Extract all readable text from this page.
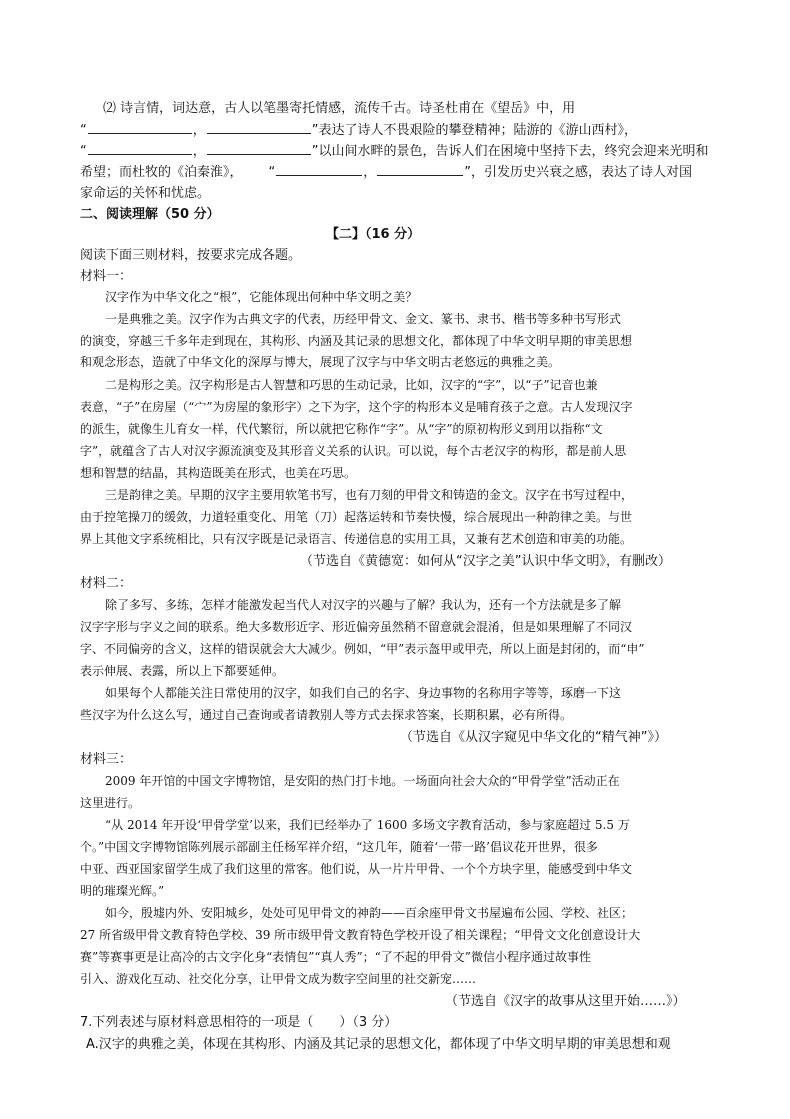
⑵ 诗言情，词达意，古人以笔墨寄托情感，流传千古。诗圣杜甫在《望岳》中，用
“	，	”表达了诗人不畏艰险的攀登精神；陆游的《游山西村》，
“	，	”以山间水畔的景色，告诉人们在困境中坚持下去，终究会迎来光明和
希望；而杜牧的《泊秦淮》， “	，	”，引发历史兴衰之感，表达了诗人对国
家命运的关怀和忧虑。
二、阅读理解（50 分）
【二】（16 分）
阅读下面三则材料，按要求完成各题。
材料一：
汉字作为中华文化之“根”，它能体现出何种中华文明之美？
一是典雅之美。汉字作为古典文字的代表，历经甲骨文、金文、篆书、隶书、楷书等多种书写形式
的演变，穿越三千多年走到现在，其构形、内涵及其记录的思想文化，都体现了中华文明早期的审美思想
和观念形态，造就了中华文化的深厚与博大，展现了汉字与中华文明古老悠远的典雅之美。
二是构形之美。汉字构形是古人智慧和巧思的生动记录，比如，汉字的“字”，以“子”记音也兼
表意，“子”在房屋（“宀”为房屋的象形字）之下为字，这个字的构形本义是哺育孩子之意。古人发现汉字
的派生，就像生儿育女一样，代代繁衍，所以就把它称作“字”。从“字”的原初构形义到用以指称“文
字”，就蕴含了古人对汉字源流演变及其形音义关系的认识。可以说，每个古老汉字的构形，都是前人思
想和智慧的结晶，其构造既美在形式，也美在巧思。
三是韵律之美。早期的汉字主要用软笔书写，也有刀刻的甲骨文和铸造的金文。汉字在书写过程中，
由于控笔操刀的缓敛，力道轻重变化、用笔（刀）起落运转和节奏快慢，综合展现出一种韵律之美。与世
界上其他文字系统相比，只有汉字既是记录语言、传递信息的实用工具，又兼有艺术创造和审美的功能。
（节选自《黄德宽：如何从“汉字之美”认识中华文明》，有删改）
材料二：
除了多写、多练，怎样才能激发起当代人对汉字的兴趣与了解？我认为，还有一个方法就是多了解
汉字字形与字义之间的联系。绝大多数形近字、形近偏旁虽然稍不留意就会混淆，但是如果理解了不同汉
字、不同偏旁的含义，这样的错误就会大大减少。例如，“甲”表示盔甲或甲壳，所以上面是封闭的，而“申”
表示伸展、表露，所以上下都要延伸。
如果每个人都能关注日常使用的汉字，如我们自己的名字、身边事物的名称用字等等，琢磨一下这
些汉字为什么这么写，通过自己查询或者请教别人等方式去探求答案，长期积累，必有所得。
（节选自《从汉字窥见中华文化的“精气神”》）
材料三：
2009 年开馆的中国文字博物馆，是安阳的热门打卡地。一场面向社会大众的“甲骨学堂”活动正在
这里进行。
“从 2014 年开设‘甲骨学堂’以来，我们已经举办了 1600 多场文字教育活动，参与家庭超过 5.5 万
个。”中国文字博物馆陈列展示部副主任杨军祥介绍，“这几年，随着‘一带一路’倡议花开世界，很多
中亚、西亚国家留学生成了我们这里的常客。他们说，从一片片甲骨、一个个方块字里，能感受到中华文
明的璀璨光辉。”
如今，殷墟内外、安阳城乡，处处可见甲骨文的神韵——百余座甲骨文书屋遍布公园、学校、社区；
27 所省级甲骨文教育特色学校、39 所市级甲骨文教育特色学校开设了相关课程；“甲骨文文化创意设计大
赛”等赛事更是让高冷的古文字化身“表情包”“真人秀”；“了不起的甲骨文”微信小程序通过故事性
引入、游戏化互动、社交化分享，让甲骨文成为数字空间里的社交新宠……
（节选自《汉字的故事从这里开始……》）
7.下列表述与原材料意思相符的一项是（　　）（3 分）
A.汉字的典雅之美，体现在其构形、内涵及其记录的思想文化，都体现了中华文明早期的审美思想和观
